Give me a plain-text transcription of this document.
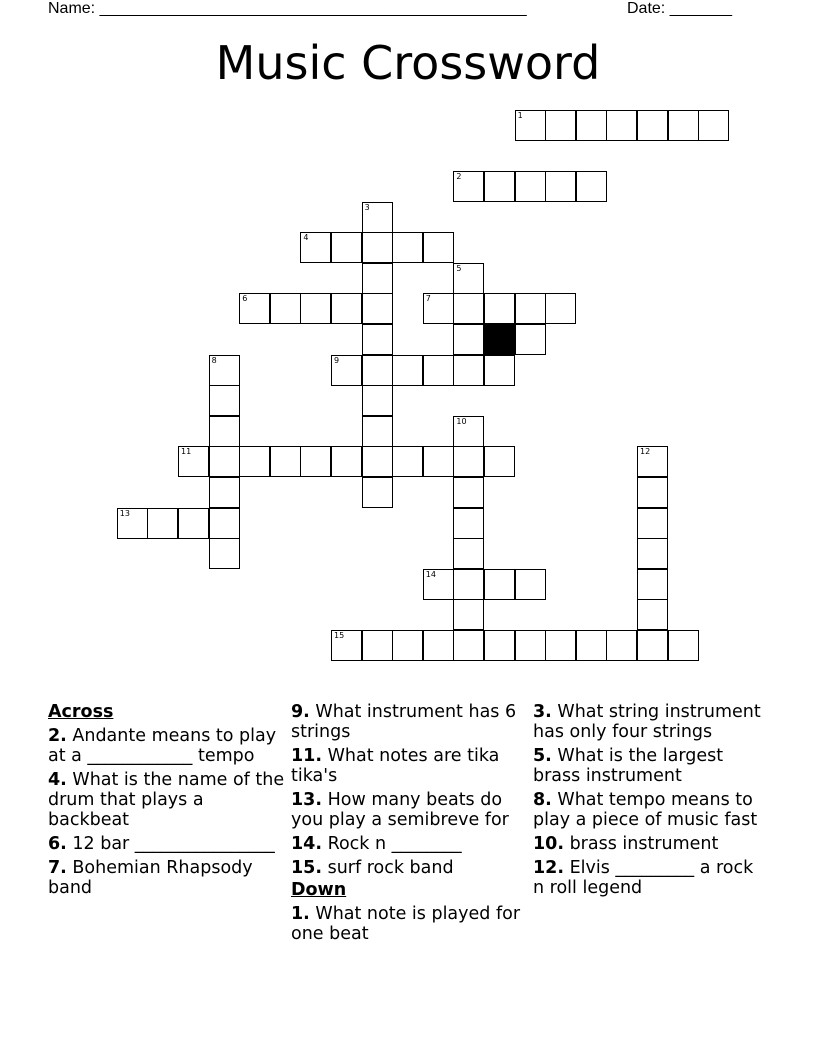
Name: ________________________________________________	Date: _______
Music Crossword
1
2
3
4
5
6	7
9
8
11
10
12
13
14
15
Across
2. Andante means to play at a ____________ tempo
4. What is the name of the drum that plays a backbeat
6. 12 bar ________________
7. Bohemian Rhapsody band
9. What instrument has 6 strings
11. What notes are tika tika's
13. How many beats do you play a semibreve for
14. Rock n ________
15. surf rock band
Down
1. What note is played for one beat
3. What string instrument has only four strings
5. What is the largest brass instrument
8. What tempo means to play a piece of music fast
10. brass instrument
12. Elvis _________ a rock n roll legend
